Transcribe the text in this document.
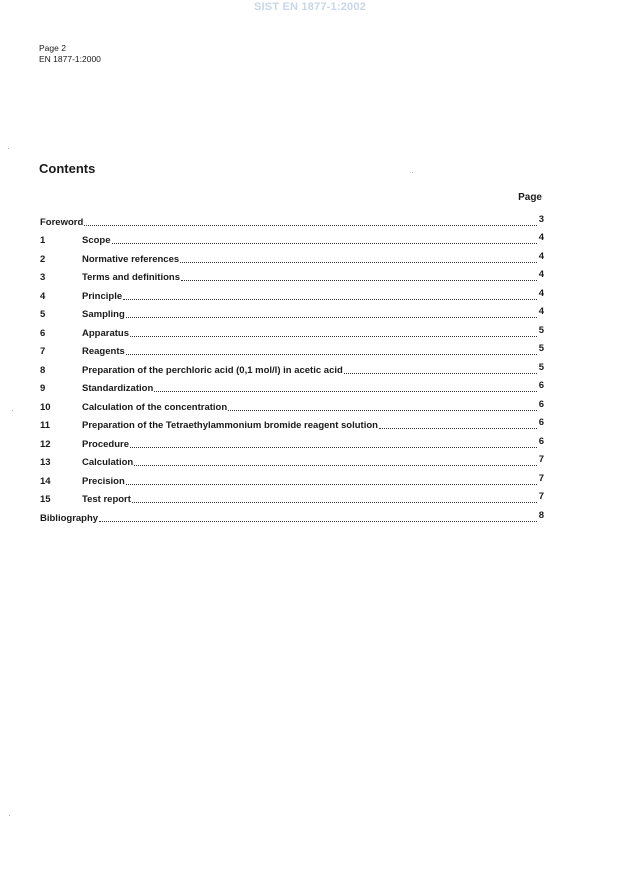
SIST EN 1877-1:2002
Page 2
EN 1877-1:2000
Contents
Page
Foreword	3
1	Scope	4
2	Normative references	4
3	Terms and definitions	4
4	Principle	4
5	Sampling	4
6	Apparatus	5
7	Reagents	5
8	Preparation of the perchloric acid (0,1 mol/l) in acetic acid	5
9	Standardization	6
10	Calculation of the concentration	6
11	Preparation of the Tetraethylammonium bromide reagent solution	6
12	Procedure	6
13	Calculation	7
14	Precision	7
15	Test report	7
Bibliography	8
